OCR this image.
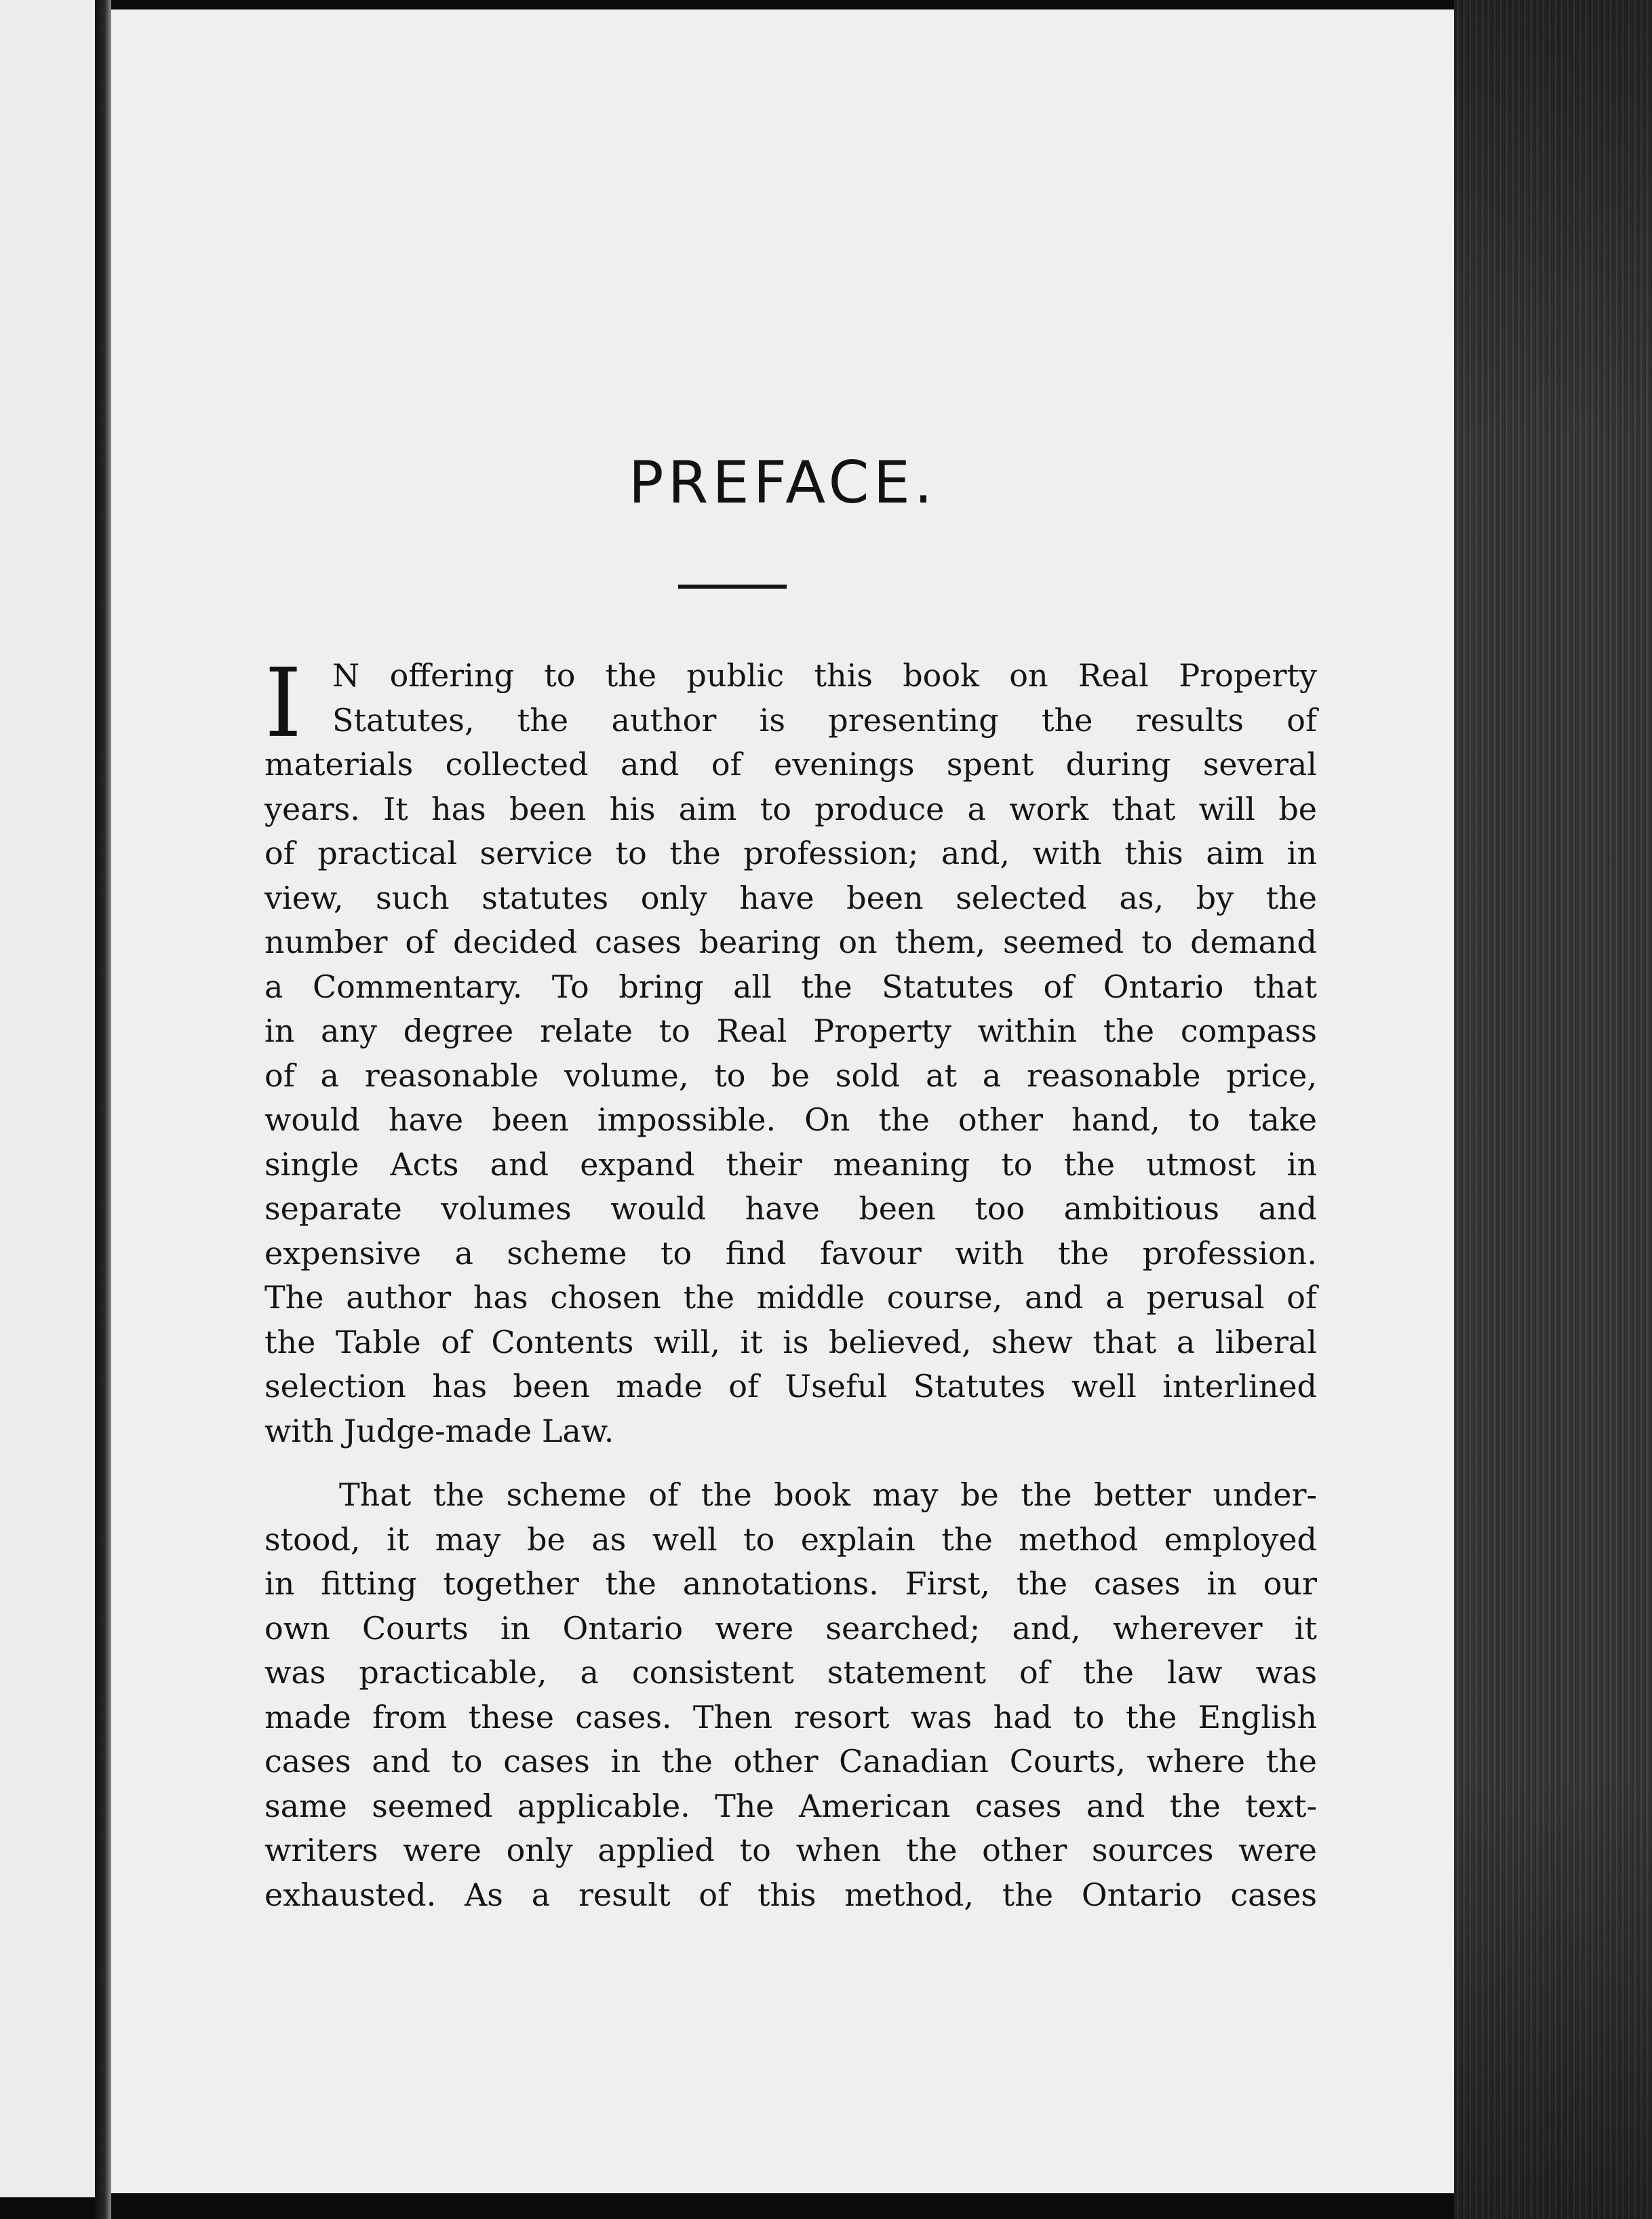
PREFACE.
I N offering to the public this book on Real Property
Statutes, the author is presenting the results of
materials collected and of evenings spent during several
years. It has been his aim to produce a work that will be
of practical service to the profession; and, with this aim in
view, such statutes only have been selected as, by the
number of decided cases bearing on them, seemed to demand
a Commentary. To bring all the Statutes of Ontario that
in any degree relate to Real Property within the compass
of a reasonable volume, to be sold at a reasonable price,
would have been impossible. On the other hand, to take
single Acts and expand their meaning to the utmost in
separate volumes would have been too ambitious and
expensive a scheme to find favour with the profession.
The author has chosen the middle course, and a perusal of
the Table of Contents will, it is believed, shew that a liberal
selection has been made of Useful Statutes well interlined
with Judge-made Law.
That the scheme of the book may be the better under-
stood, it may be as well to explain the method employed
in fitting together the annotations. First, the cases in our
own Courts in Ontario were searched; and, wherever it
was practicable, a consistent statement of the law was
made from these cases. Then resort was had to the English
cases and to cases in the other Canadian Courts, where the
same seemed applicable. The American cases and the text-
writers were only applied to when the other sources were
exhausted. As a result of this method, the Ontario cases
